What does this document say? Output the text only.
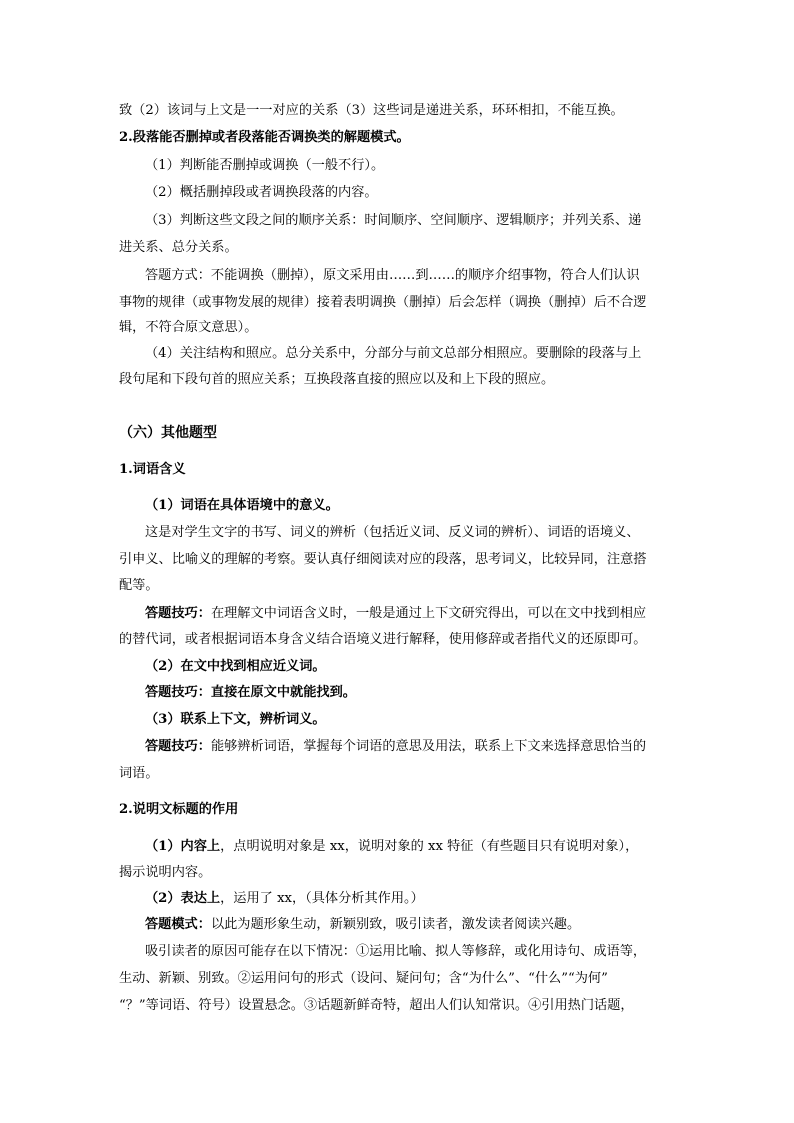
致（2）该词与上文是一一对应的关系（3）这些词是递进关系，环环相扣，不能互换。
2.段落能否删掉或者段落能否调换类的解题模式。
（1）判断能否删掉或调换（一般不行）。
（2）概括删掉段或者调换段落的内容。
（3）判断这些文段之间的顺序关系：时间顺序、空间顺序、逻辑顺序；并列关系、递
进关系、总分关系。
答题方式：不能调换（删掉），原文采用由……到……的顺序介绍事物，符合人们认识
事物的规律（或事物发展的规律）接着表明调换（删掉）后会怎样（调换（删掉）后不合逻
辑，不符合原文意思）。
（4）关注结构和照应。总分关系中，分部分与前文总部分相照应。要删除的段落与上
段句尾和下段句首的照应关系；互换段落直接的照应以及和上下段的照应。
（六）其他题型
1.词语含义
（1）词语在具体语境中的意义。
这是对学生文字的书写、词义的辨析（包括近义词、反义词的辨析）、词语的语境义、
引申义、比喻义的理解的考察。要认真仔细阅读对应的段落，思考词义，比较异同，注意搭
配等。
答题技巧：在理解文中词语含义时，一般是通过上下文研究得出，可以在文中找到相应
的替代词，或者根据词语本身含义结合语境义进行解释，使用修辞或者指代义的还原即可。
（2）在文中找到相应近义词。
答题技巧：直接在原文中就能找到。
（3）联系上下文，辨析词义。
答题技巧：能够辨析词语，掌握每个词语的意思及用法，联系上下文来选择意思恰当的
词语。
2.说明文标题的作用
（1）内容上，点明说明对象是 xx，说明对象的 xx 特征（有些题目只有说明对象），
揭示说明内容。
（2）表达上，运用了 xx，（具体分析其作用。）
答题模式：以此为题形象生动，新颖别致，吸引读者，激发读者阅读兴趣。
吸引读者的原因可能存在以下情况：①运用比喻、拟人等修辞，或化用诗句、成语等，
生动、新颖、别致。②运用问句的形式（设问、疑问句；含“为什么”、“什么”“为何”
“？”等词语、符号）设置悬念。③话题新鲜奇特，超出人们认知常识。④引用热门话题，
